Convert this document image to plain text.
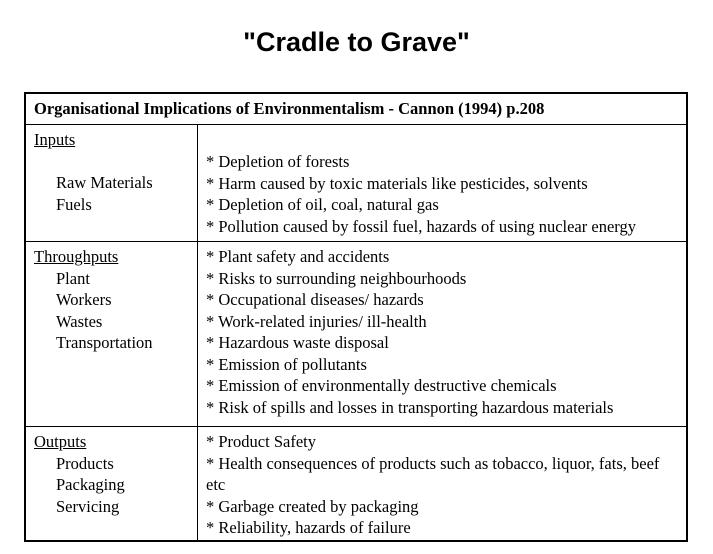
"Cradle to Grave"
Organisational Implications of Environmentalism - Cannon (1994) p.208
Inputs
Raw Materials
Fuels
* Depletion of forests
* Harm caused by toxic materials like pesticides, solvents
* Depletion of oil, coal, natural gas
* Pollution caused by fossil fuel, hazards of using nuclear energy
Throughputs
Plant
Workers
Wastes
Transportation
* Plant safety and accidents
* Risks to surrounding neighbourhoods
* Occupational diseases/ hazards
* Work-related injuries/ ill-health
* Hazardous waste disposal
* Emission of pollutants
* Emission of environmentally destructive chemicals
* Risk of spills and losses in transporting hazardous materials
Outputs
Products
Packaging
Servicing
* Product Safety
* Health consequences of products such as tobacco, liquor, fats, beef etc
* Garbage created by packaging
* Reliability, hazards of failure
